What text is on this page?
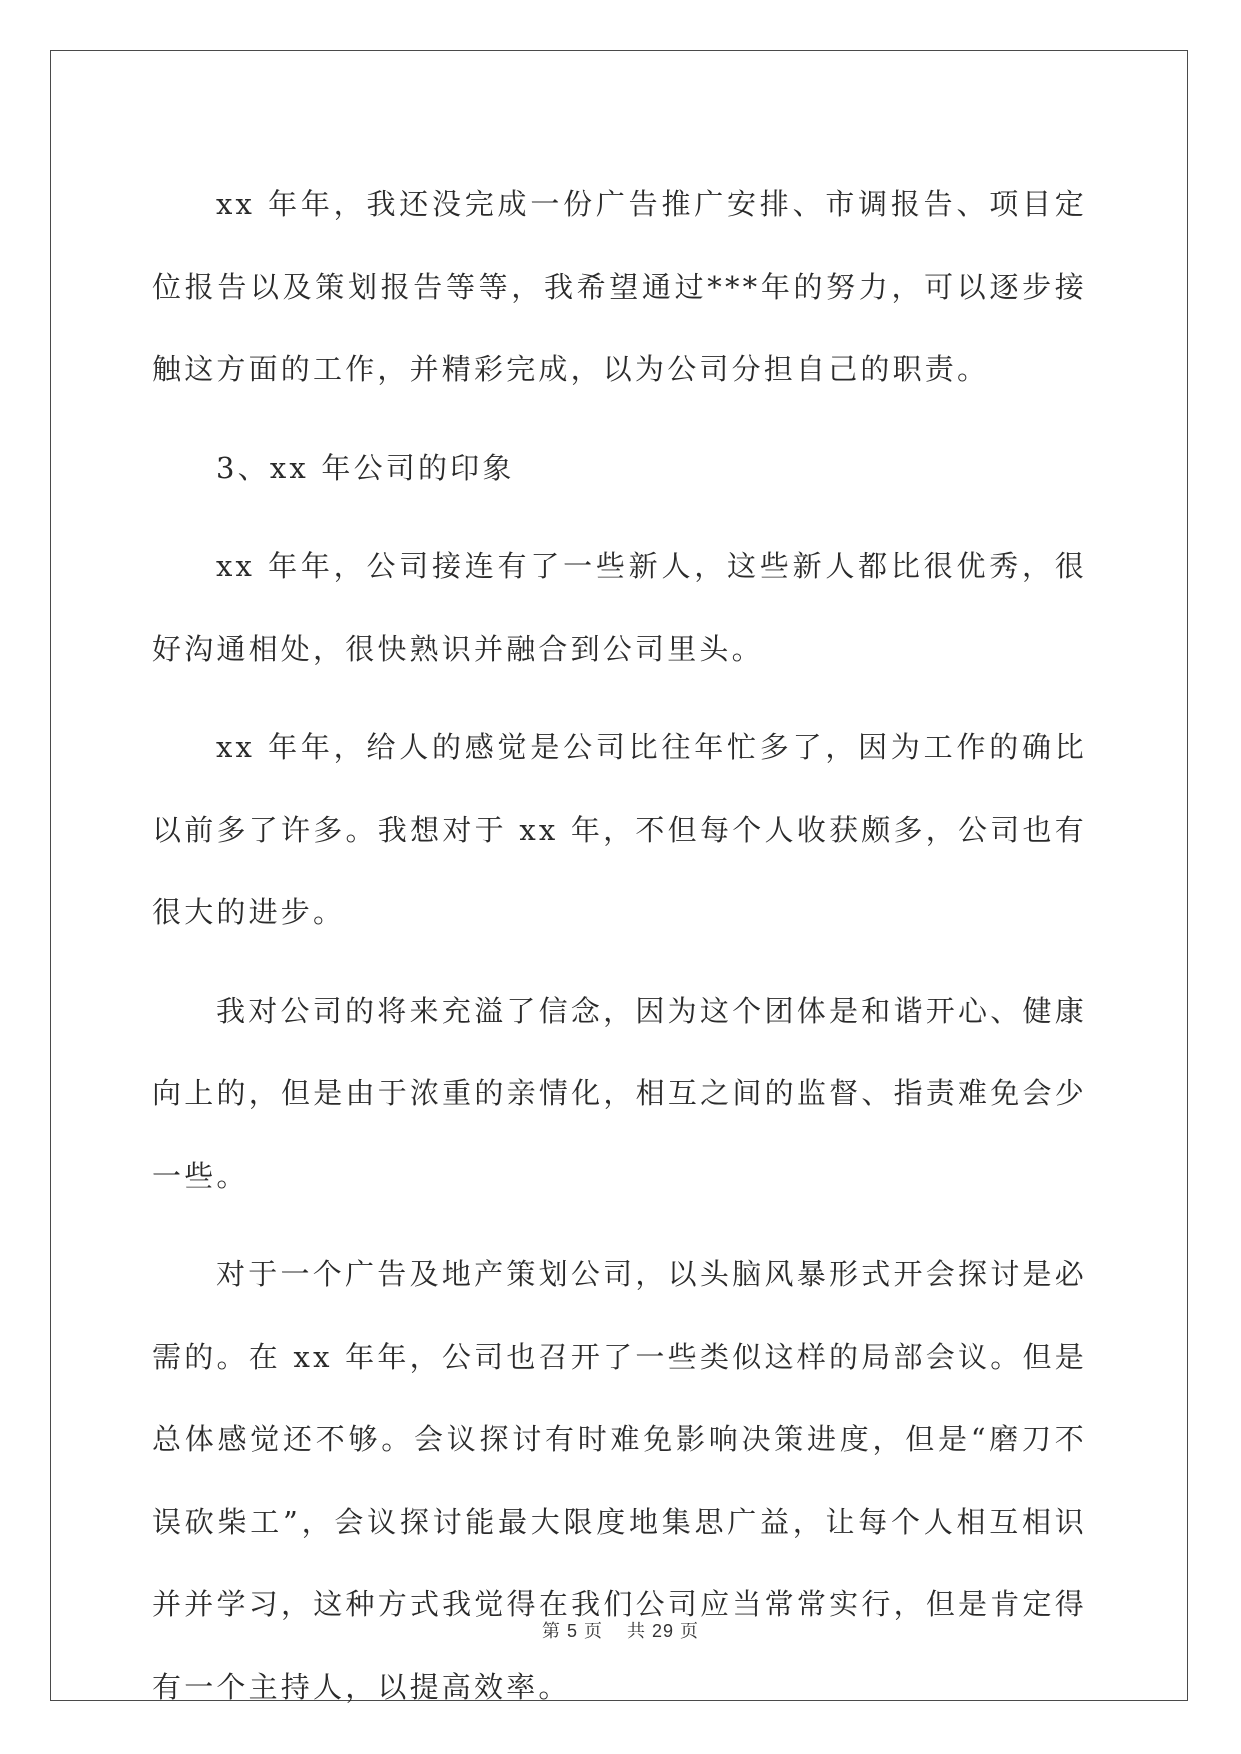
xx 年年，我还没完成一份广告推广安排、市调报告、项目定位报告以及策划报告等等，我希望通过***年的努力，可以逐步接触这方面的工作，并精彩完成，以为公司分担自己的职责。

3、xx 年公司的印象

xx 年年，公司接连有了一些新人，这些新人都比很优秀，很好沟通相处，很快熟识并融合到公司里头。

xx 年年，给人的感觉是公司比往年忙多了，因为工作的确比以前多了许多。我想对于 xx 年，不但每个人收获颇多，公司也有很大的进步。

我对公司的将来充溢了信念，因为这个团体是和谐开心、健康向上的，但是由于浓重的亲情化，相互之间的监督、指责难免会少一些。

对于一个广告及地产策划公司，以头脑风暴形式开会探讨是必需的。在 xx 年年，公司也召开了一些类似这样的局部会议。但是总体感觉还不够。会议探讨有时难免影响决策进度，但是“磨刀不误砍柴工”，会议探讨能最大限度地集思广益，让每个人相互相识并并学习，这种方式我觉得在我们公司应当常常实行，但是肯定得有一个主持人，以提高效率。

第 5 页 共 29 页
